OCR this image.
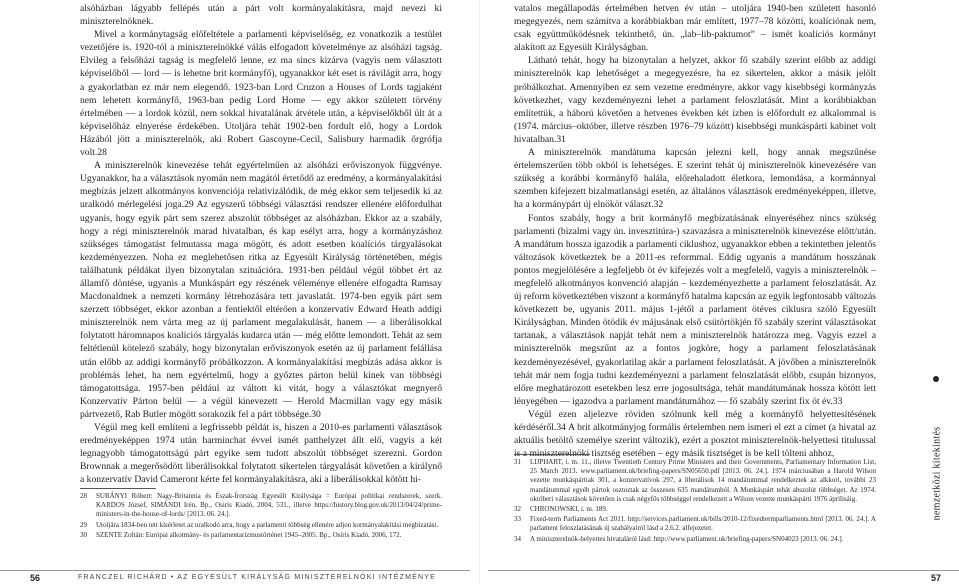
alsóházban lágyabb fellépés után a párt volt kormányalakításra, majd nevezi ki miniszterelnöknek.

Mivel a kormánytagság előfeltétele a parlamenti képviselőség, ez vonatkozik a testület vezetőjére is. 1920-tól a miniszterelnökké válás elfogadott követelménye az alsóházi tagság. Elvileg a felsőházi tagság is megfelelő lenne, ez ma sincs kizárva (vagyis nem választott képviselőből — lord — is lehetne brit kormányfő), ugyanakkor két eset is rávilágít arra, hogy a gyakorlatban ez már nem elegendő. 1923-ban Lord Cruzon a Houses of Lords tagjaként nem lehetett kormányfő, 1963-ban pedig Lord Home — egy akkor született törvény értelmében — a lordok közül, nem sokkal hivatalának átvétele után, a képviselőkből ült át a képviselőház elnyerése érdekében. Utoljára tehát 1902-ben fordult elő, hogy a Lordok Házából jött a miniszterelnök, aki Robert Gascoyne-Cecil, Salisbury harmadik őrgrófja volt.28

A miniszterelnök kinevezése tehát egyértelműen az alsóházi erőviszonyok függvénye. Ugyanakkor, ha a választások nyomán nem magától értetődő az eredmény, a kormányalakítási megbízás jelzett alkotmányos konvenciója relativizálódik, de még ekkor sem teljesedik ki az uralkodó mérlegelési joga.29 Az egyszerű többségi választási rendszer ellenére előfordulhat ugyanis, hogy egyik párt sem szerez abszolút többséget az alsóházban. Ekkor az a szabály, hogy a régi miniszterelnök marad hivatalban, és kap esélyt arra, hogy a kormányzáshoz szükséges támogatást felmutassa maga mögött, és adott esetben koalíciós tárgyalásokat kezdeményezzen. Noha ez meglehetősen ritka az Egyesült Királyság történetében, mégis találhatunk példákat ilyen bizonytalan szituációra. 1931-ben például végül többet ért az államfő döntése, ugyanis a Munkáspárt egy részének véleménye ellenére elfogadta Ramsay Macdonaldnek a nemzeti kormány létrehozására tett javaslatát. 1974-ben egyik párt sem szerzett többséget, ekkor azonban a fentiektől eltérően a konzervatív Edward Heath addigi miniszterelnök nem várta meg az új parlament megalakulását, hanem — a liberálisokkal folytatott háromnapos koalíciós tárgyalás kudarca után — még előtte lemondott. Tehát az sem feltétlenül kötelező szabály, hogy bizonytalan erőviszonyok esetén az új parlament felállása után előbb az addigi kormányfő próbálkozzon. A kormányalakítási megbízás adása akkor is problémás lehet, ha nem egyértelmű, hogy a győztes párton belül kinek van többségi támogatottsága. 1957-ben például az váltott ki vitát, hogy a választókat megnyerő Konzervatív Párton belül — a végül kinevezett — Herold Macmillan vagy egy másik pártvezető, Rab Butler mögött sorakozik fel a párt többsége.30

Végül meg kell említeni a legfrissebb példát is, hiszen a 2010-es parlamenti választások eredményeképpen 1974 után harminchat évvel ismét patthelyzet állt elő, vagyis a két legnagyobb támogatottságú párt egyike sem tudott abszolút többséget szerezni. Gordon Brownnak a megerősödött liberálisokkal folytatott sikertelen tárgyalását követően a királynő a konzervatív David Cameront kérte fel kormányalakításra, aki a liberálisokkal kötött hi-

28	SURÁNYI Róbert: Nagy-Britannia és Észak-Írország Egyesült Királysága = Európai politikai rendszerek, szerk. KARDOS József, SIMÁNDI Irén, Bp., Osiris Kiadó, 2004, 531., illetve https://history.blog.gov.uk/2013/04/24/prime-ministers-in-the-house-of-lords/ [2013. 06. 24.].
29	Utoljára 1834-ben tett kísérletet az uralkodó arra, hogy a parlamenti többség ellenére adjon kormányalakítási megbízatást.
30	SZENTE Zoltán: Európai alkotmány- és parlamentarizmustörténet 1945–2005. Bp., Osiris Kiadó, 2006, 172.
56	FRANCZEL RICHÁRD • AZ EGYESÜLT KIRÁLYSÁG MINISZTERELNÖKI INTÉZMÉNYE

vatalos megállapodás értelmében hetven év után – utoljára 1940-ben született hasonló megegyezés, nem számítva a korábbiakban már említett, 1977–78 közötti, koalíciónak nem, csak együttműködésnek tekinthető, ún. „lab–lib-paktumot” – ismét koalíciós kormányt alakított az Egyesült Királyságban.

Látható tehát, hogy ha bizonytalan a helyzet, akkor fő szabály szerint előbb az addigi miniszterelnök kap lehetőséget a megegyezésre, ha ez sikertelen, akkor a másik jelölt próbálkozhat. Amennyiben ez sem vezetne eredményre, akkor vagy kisebbségi kormányzás következhet, vagy kezdeményezni lehet a parlament feloszlatását. Mint a korábbiakban említettük, a háború követően a hetvenes években két ízben is előfordult ez alkalommal is (1974. március–október, illetve részben 1976–79 között) kisebbségi munkáspárti kabinet volt hivatalban.31

A miniszterelnök mandátuma kapcsán jelezni kell, hogy annak megszűnése értelemszerűen több okból is lehetséges. E szerint tehát új miniszterelnök kinevezésére van szükség a korábbi kormányfő halála, előrehaladott életkora, lemondása, a kormánnyal szemben kifejezett bizalmatlansági esetén, az általános választások eredményeképpen, illetve, ha a kormánypárt új elnököt választ.32

Fontos szabály, hogy a brit kormányfő megbízatásának elnyeréséhez nincs szükség parlamenti (bizalmi vagy ún. invesztitúra-) szavazásra a miniszterelnök kinevezése előtt/után. A mandátum hossza igazodik a parlamenti ciklushoz, ugyanakkor ebben a tekintetben jelentős változások következtek be a 2011-es reformmal. Eddig ugyanis a mandátum hosszának pontos megjelölésére a legfeljebb öt év kifejezés volt a megfelelő, vagyis a miniszterelnök – megfelelő alkotmányos konvenció alapján – kezdeményezhette a parlament feloszlatását. Az új reform következtében viszont a kormányfő hatalma kapcsán az egyik legfontosabb változás következett be, ugyanis 2011. május 1-jétől a parlament ötéves ciklusra szóló Egyesült Királyságban. Minden ötödik év májusának első csütörtökjén fő szabály szerint választásokat tartanak, a választások napját tehát nem a miniszterelnök határozza meg. Vagyis ezzel a miniszterelnök megszűnt az a fontos jogköre, hogy a parlament feloszlatásának kezdeményezésével, gyakorlatilag akár a parlament feloszlatását. A jövőben a miniszterelnök tehát már nem fogja tudni kezdeményezni a parlament feloszlatását előbb, csupán bizonyos, előre meghatározott esetekben lesz erre jogosultsága, tehát mandátumának hossza kötött lett lényegében — igazodva a parlament mandátumához — fő szabály szerint fix öt év.33

Végül ezen aljelezve röviden szólnunk kell még a kormányfő helyettesítésének kérdéséről.34 A brit alkotmányjog formális értelemben nem ismeri el ezt a címet (a hivatal az aktuális betöltő személye szerint változik), ezért a posztot miniszterelnök-helyettesi titulussal is a miniszterelnöki tisztség esetében – egy másik tisztséget is be kell tölteni ahhoz,

31	LIJPHART, i. m. 11., illetve Twentieth Century Prime Ministers and their Governments, Parliamentary Information List, 25 March 2013. www.parliament.uk/briefing-papers/SN05650.pdf [2013. 06. 24.]. 1974 márciusában a Harold Wilson vezette munkáspártiak 301, a konzervatívok 297, a liberálisok 14 mandátummal rendelkeztek az alkkori, további 23 mandátummal egyéb pártok osztoztak az összesen 635 mandátumból. A Munkáspárt tehát abszolút többséget. Az 1974. októberi választások követően is csak négyfős többséggel rendelkezett a Wilson vezette munkáspárti 1976 áprilisáig.
32	CHRONOWSKI, i. m. 189.
33	Fixed-term Parliaments Act 2011. http://services.parliament.uk/bills/2010-12/fixedtermparliaments.html [2013. 06. 24.]. A parlament feloszlatásának új szabályairól lásd a 2.6.2. alfejezetet.
34	A miniszterelnök-helyettes hivataláról lásd: http://www.parliament.uk/briefing-papers/SN04023 [2013. 06. 24.].
nemzetközi kitekintés
57
